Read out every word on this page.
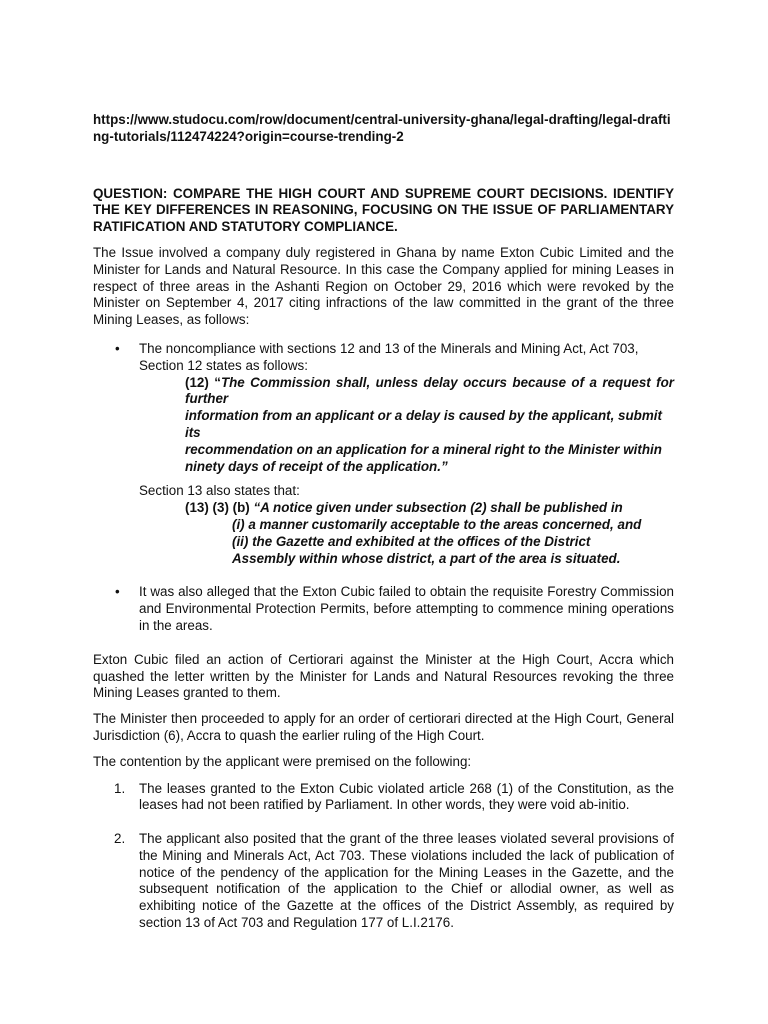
https://www.studocu.com/row/document/central-university-ghana/legal-drafting/legal-drafting-tutorials/112474224?origin=course-trending-2

QUESTION: COMPARE THE HIGH COURT AND SUPREME COURT DECISIONS. IDENTIFY THE KEY DIFFERENCES IN REASONING, FOCUSING ON THE ISSUE OF PARLIAMENTARY RATIFICATION AND STATUTORY COMPLIANCE.

The Issue involved a company duly registered in Ghana by name Exton Cubic Limited and the Minister for Lands and Natural Resource. In this case the Company applied for mining Leases in respect of three areas in the Ashanti Region on October 29, 2016 which were revoked by the Minister on September 4, 2017 citing infractions of the law committed in the grant of the three Mining Leases, as follows:

• The noncompliance with sections 12 and 13 of the Minerals and Mining Act, Act 703,
Section 12 states as follows:
(12) “The Commission shall, unless delay occurs because of a request for further
information from an applicant or a delay is caused by the applicant, submit its
recommendation on an application for a mineral right to the Minister within
ninety days of receipt of the application.”
Section 13 also states that:
(13) (3) (b) “A notice given under subsection (2) shall be published in
(i) a manner customarily acceptable to the areas concerned, and
(ii) the Gazette and exhibited at the offices of the District
Assembly within whose district, a part of the area is situated.
• It was also alleged that the Exton Cubic failed to obtain the requisite Forestry Commission and Environmental Protection Permits, before attempting to commence mining operations in the areas.

Exton Cubic filed an action of Certiorari against the Minister at the High Court, Accra which quashed the letter written by the Minister for Lands and Natural Resources revoking the three Mining Leases granted to them.

The Minister then proceeded to apply for an order of certiorari directed at the High Court, General Jurisdiction (6), Accra to quash the earlier ruling of the High Court.

The contention by the applicant were premised on the following:

1. The leases granted to the Exton Cubic violated article 268 (1) of the Constitution, as the leases had not been ratified by Parliament. In other words, they were void ab-initio.
2. The applicant also posited that the grant of the three leases violated several provisions of the Mining and Minerals Act, Act 703. These violations included the lack of publication of notice of the pendency of the application for the Mining Leases in the Gazette, and the subsequent notification of the application to the Chief or allodial owner, as well as exhibiting notice of the Gazette at the offices of the District Assembly, as required by section 13 of Act 703 and Regulation 177 of L.I.2176.
